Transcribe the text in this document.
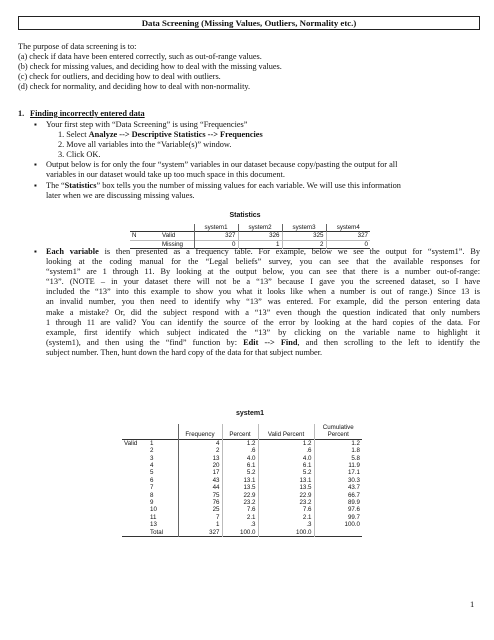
Data Screening (Missing Values, Outliers, Normality etc.)
The purpose of data screening is to:
(a) check if data have been entered correctly, such as out-of-range values.
(b) check for missing values, and deciding how to deal with the missing values.
(c) check for outliers, and deciding how to deal with outliers.
(d) check for normality, and deciding how to deal with non-normality.
1. Finding incorrectly entered data
▪ Your first step with “Data Screening” is using “Frequencies”
1. Select Analyze --> Descriptive Statistics --> Frequencies
2. Move all variables into the “Variable(s)” window.
3. Click OK.
▪ Output below is for only the four “system” variables in our dataset because copy/pasting the output for all
variables in our dataset would take up too much space in this document.
▪ The “Statistics” box tells you the number of missing values for each variable. We will use this information
later when we are discussing missing values.
Statistics
		system1	system2	system3	system4
N	Valid	327	326	325	327
	Missing	0	1	2	0
▪ Each variable is then presented as a frequency table. For example, below we see the output for “system1”. By
looking at the coding manual for the “Legal beliefs” survey, you can see that the available responses for
“system1” are 1 through 11. By looking at the output below, you can see that there is a number out-of-range:
“13”. (NOTE – in your dataset there will not be a “13” because I gave you the screened dataset, so I have
included the “13” into this example to show you what it looks like when a number is out of range.) Since 13 is
an invalid number, you then need to identify why “13” was entered. For example, did the person entering data
make a mistake? Or, did the subject respond with a “13” even though the question indicated that only numbers
1 through 11 are valid? You can identify the source of the error by looking at the hard copies of the data. For
example, first identify which subject indicated the “13” by clicking on the variable name to highlight it
(system1), and then using the “find” function by: Edit --> Find, and then scrolling to the left to identify the
subject number. Then, hunt down the hard copy of the data for that subject number.
system1
		Frequency	Percent	Valid Percent	Cumulative
Percent

Valid	1	4	1.2	1.2	1.2
	2	2	.6	.6	1.8
	3	13	4.0	4.0	5.8
	4	20	6.1	6.1	11.9
	5	17	5.2	5.2	17.1
	6	43	13.1	13.1	30.3
	7	44	13.5	13.5	43.7
	8	75	22.9	22.9	66.7
	9	76	23.2	23.2	89.9
	10	25	7.6	7.6	97.6
	11	7	2.1	2.1	99.7
	13	1	.3	.3	100.0
	Total	327	100.0	100.0	
1
